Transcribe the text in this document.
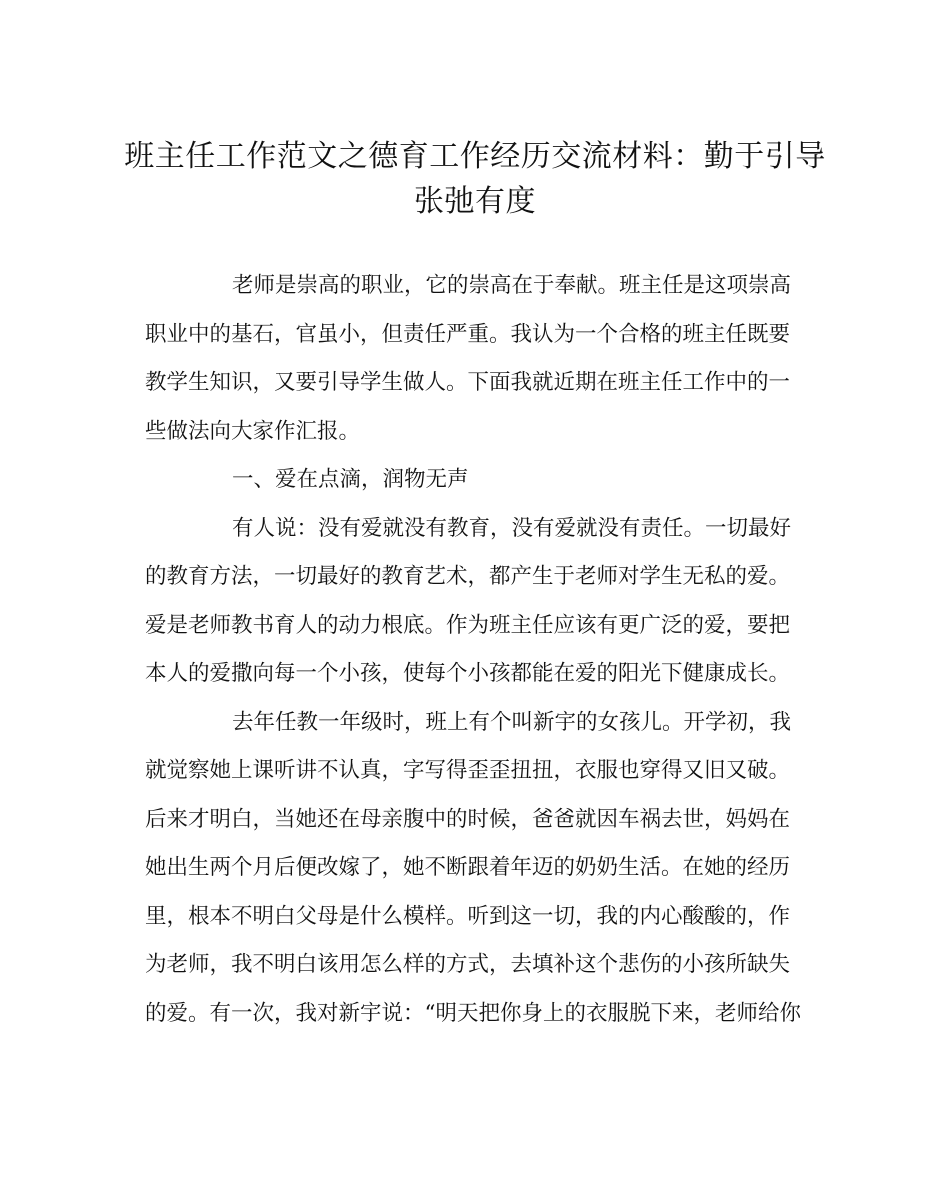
班主任工作范文之德育工作经历交流材料：勤于引导
张弛有度
老师是崇高的职业，它的崇高在于奉献。班主任是这项崇高
职业中的基石，官虽小，但责任严重。我认为一个合格的班主任既要
教学生知识，又要引导学生做人。下面我就近期在班主任工作中的一
些做法向大家作汇报。
一、爱在点滴，润物无声
有人说：没有爱就没有教育，没有爱就没有责任。一切最好
的教育方法，一切最好的教育艺术，都产生于老师对学生无私的爱。
爱是老师教书育人的动力根底。作为班主任应该有更广泛的爱，要把
本人的爱撒向每一个小孩，使每个小孩都能在爱的阳光下健康成长。
去年任教一年级时，班上有个叫新宇的女孩儿。开学初，我
就觉察她上课听讲不认真，字写得歪歪扭扭，衣服也穿得又旧又破。
后来才明白，当她还在母亲腹中的时候，爸爸就因车祸去世，妈妈在
她出生两个月后便改嫁了，她不断跟着年迈的奶奶生活。在她的经历
里，根本不明白父母是什么模样。听到这一切，我的内心酸酸的，作
为老师，我不明白该用怎么样的方式，去填补这个悲伤的小孩所缺失
的爱。有一次，我对新宇说：“明天把你身上的衣服脱下来，老师给你
